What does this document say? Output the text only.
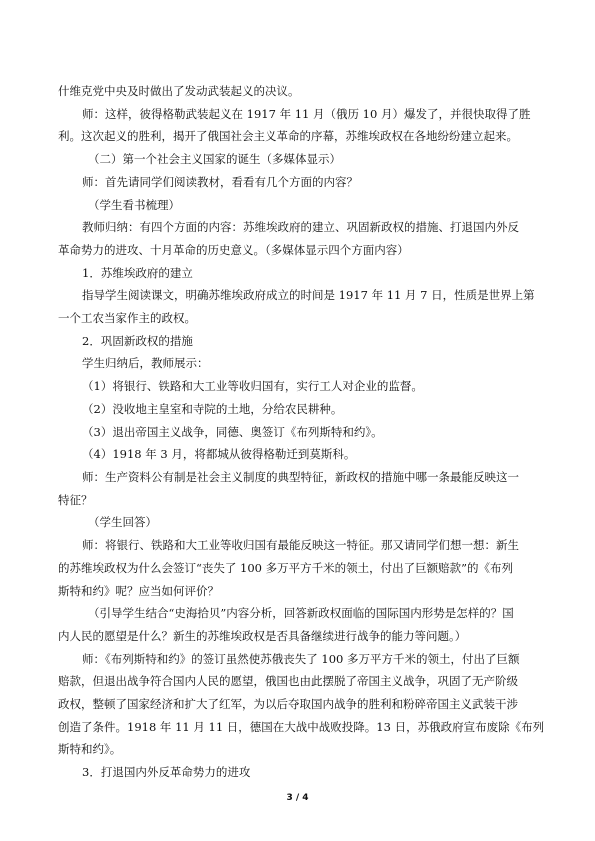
什维克党中央及时做出了发动武装起义的决议。
师：这样，彼得格勒武装起义在 1917 年 11 月（俄历 10 月）爆发了，并很快取得了胜
利。这次起义的胜利，揭开了俄国社会主义革命的序幕，苏维埃政权在各地纷纷建立起来。
（二）第一个社会主义国家的诞生（多媒体显示）
师：首先请同学们阅读教材，看看有几个方面的内容？
（学生看书梳理）
教师归纳：有四个方面的内容：苏维埃政府的建立、巩固新政权的措施、打退国内外反
革命势力的进攻、十月革命的历史意义。（多媒体显示四个方面内容）
1．苏维埃政府的建立
指导学生阅读课文，明确苏维埃政府成立的时间是 1917 年 11 月 7 日，性质是世界上第
一个工农当家作主的政权。
2．巩固新政权的措施
学生归纳后，教师展示：
（1）将银行、铁路和大工业等收归国有，实行工人对企业的监督。
（2）没收地主皇室和寺院的土地，分给农民耕种。
（3）退出帝国主义战争，同德、奥签订《布列斯特和约》。
（4）1918 年 3 月，将都城从彼得格勒迁到莫斯科。
师：生产资料公有制是社会主义制度的典型特征，新政权的措施中哪一条最能反映这一
特征？
（学生回答）
师：将银行、铁路和大工业等收归国有最能反映这一特征。那又请同学们想一想：新生
的苏维埃政权为什么会签订“丧失了 100 多万平方千米的领土，付出了巨额赔款”的《布列
斯特和约》呢？应当如何评价？
（引导学生结合“史海拾贝”内容分析，回答新政权面临的国际国内形势是怎样的？国
内人民的愿望是什么？新生的苏维埃政权是否具备继续进行战争的能力等问题。）
师：《布列斯特和约》的签订虽然使苏俄丧失了 100 多万平方千米的领土，付出了巨额
赔款，但退出战争符合国内人民的愿望，俄国也由此摆脱了帝国主义战争，巩固了无产阶级
政权，整顿了国家经济和扩大了红军，为以后夺取国内战争的胜利和粉碎帝国主义武装干涉
创造了条件。1918 年 11 月 11 日，德国在大战中战败投降。13 日，苏俄政府宣布废除《布列
斯特和约》。
3．打退国内外反革命势力的进攻
3 / 4
